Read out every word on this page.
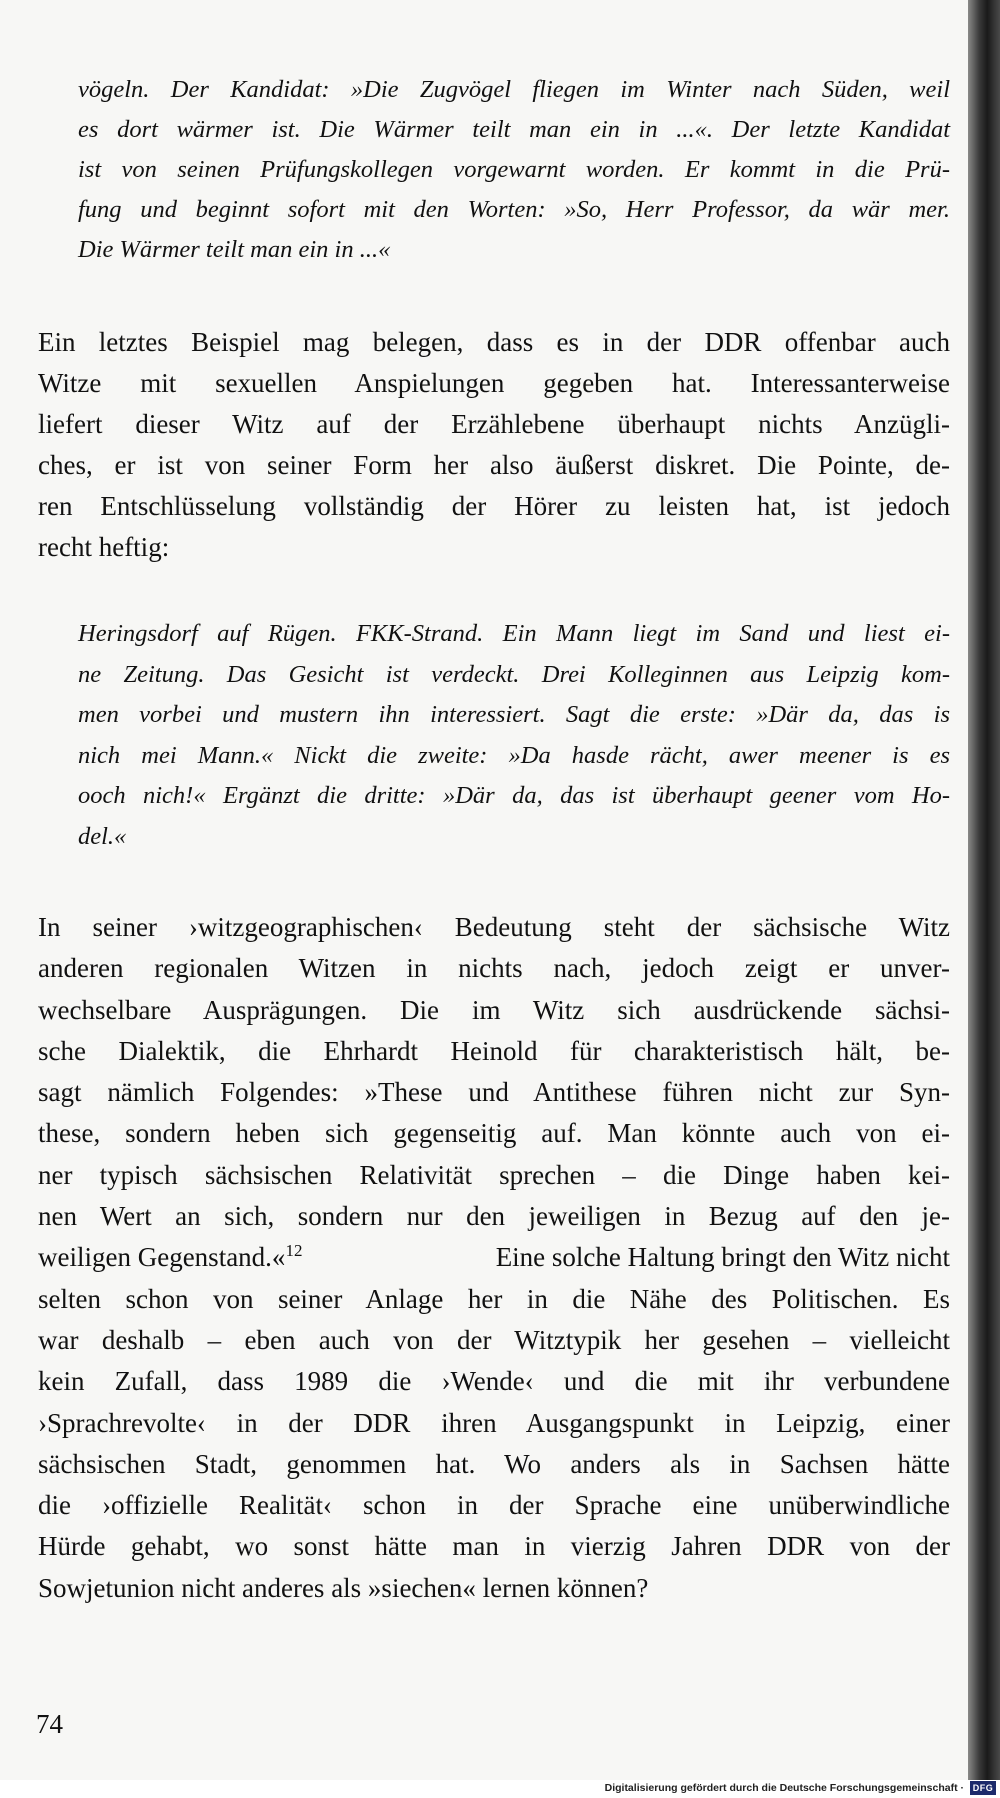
vögeln. Der Kandidat: »Die Zugvögel fliegen im Winter nach Süden, weil
es dort wärmer ist. Die Wärmer teilt man ein in ...«. Der letzte Kandidat
ist von seinen Prüfungskollegen vorgewarnt worden. Er kommt in die Prü-
fung und beginnt sofort mit den Worten: »So, Herr Professor, da wär mer.
Die Wärmer teilt man ein in ...«
Ein letztes Beispiel mag belegen, dass es in der DDR offenbar auch
Witze mit sexuellen Anspielungen gegeben hat. Interessanterweise
liefert dieser Witz auf der Erzählebene überhaupt nichts Anzügli-
ches, er ist von seiner Form her also äußerst diskret. Die Pointe, de-
ren Entschlüsselung vollständig der Hörer zu leisten hat, ist jedoch
recht heftig:
Heringsdorf auf Rügen. FKK-Strand. Ein Mann liegt im Sand und liest ei-
ne Zeitung. Das Gesicht ist verdeckt. Drei Kolleginnen aus Leipzig kom-
men vorbei und mustern ihn interessiert. Sagt die erste: »Där da, das is
nich mei Mann.« Nickt die zweite: »Da hasde rächt, awer meener is es
ooch nich!« Ergänzt die dritte: »Där da, das ist überhaupt geener vom Ho-
del.«
In seiner ›witzgeographischen‹ Bedeutung steht der sächsische Witz
anderen regionalen Witzen in nichts nach, jedoch zeigt er unver-
wechselbare Ausprägungen. Die im Witz sich ausdrückende sächsi-
sche Dialektik, die Ehrhardt Heinold für charakteristisch hält, be-
sagt nämlich Folgendes: »These und Antithese führen nicht zur Syn-
these, sondern heben sich gegenseitig auf. Man könnte auch von ei-
ner typisch sächsischen Relativität sprechen – die Dinge haben kei-
nen Wert an sich, sondern nur den jeweiligen in Bezug auf den je-
weiligen Gegenstand.«$^{12}$	Eine solche Haltung bringt den Witz nicht
selten schon von seiner Anlage her in die Nähe des Politischen. Es
war deshalb – eben auch von der Witztypik her gesehen – vielleicht
kein Zufall, dass 1989 die ›Wende‹ und die mit ihr verbundene
›Sprachrevolte‹ in der DDR ihren Ausgangspunkt in Leipzig, einer
sächsischen Stadt, genommen hat. Wo anders als in Sachsen hätte
die ›offizielle Realität‹ schon in der Sprache eine unüberwindliche
Hürde gehabt, wo sonst hätte man in vierzig Jahren DDR von der
Sowjetunion nicht anderes als »siechen« lernen können?
74
Digitalisierung gefördert durch die Deutsche Forschungsgemeinschaft · DFG
